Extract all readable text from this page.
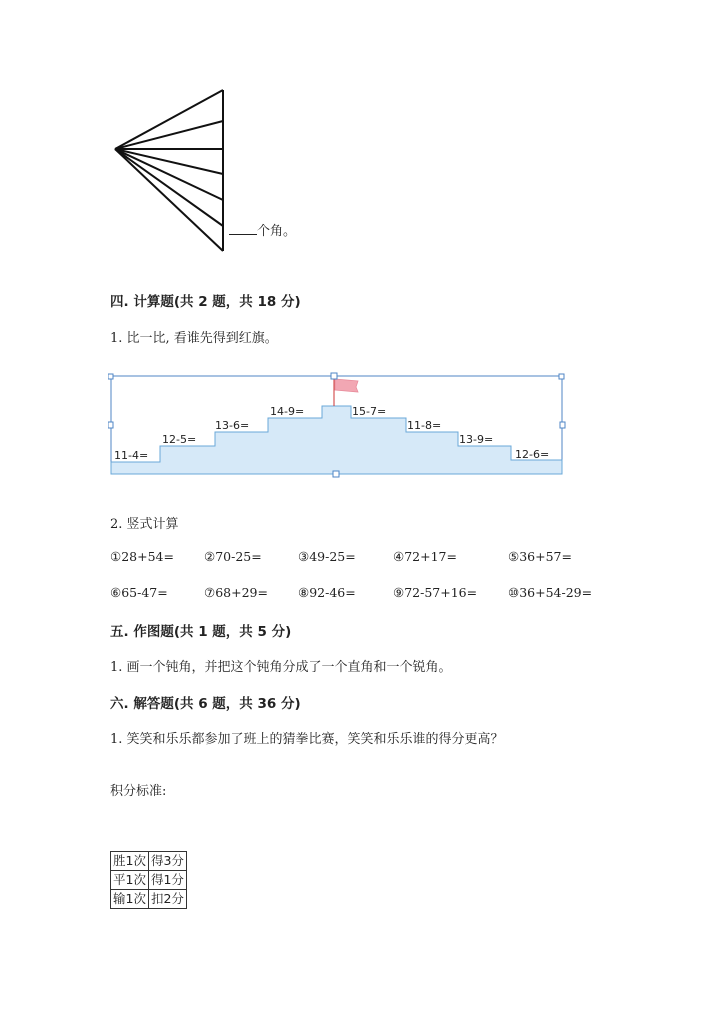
个角。
四. 计算题(共 2 题，共 18 分)
1. 比一比, 看谁先得到红旗。
11-4=
12-5=
13-6=
14-9=	15-7=
11-8=
13-9=
12-6=
2. 竖式计算
①28+54= ②70-25=	③49-25=	④72+17=	⑤36+57=
⑥65-47=	⑦68+29= ⑧92-46=	⑨72-57+16= ⑩36+54-29=
五. 作图题(共 1 题，共 5 分)
1. 画一个钝角，并把这个钝角分成了一个直角和一个锐角。
六. 解答题(共 6 题，共 36 分)
1. 笑笑和乐乐都参加了班上的猜拳比赛，笑笑和乐乐谁的得分更高？
积分标准:
胜1次	得3分
平1次	得1分
输1次	扣2分
